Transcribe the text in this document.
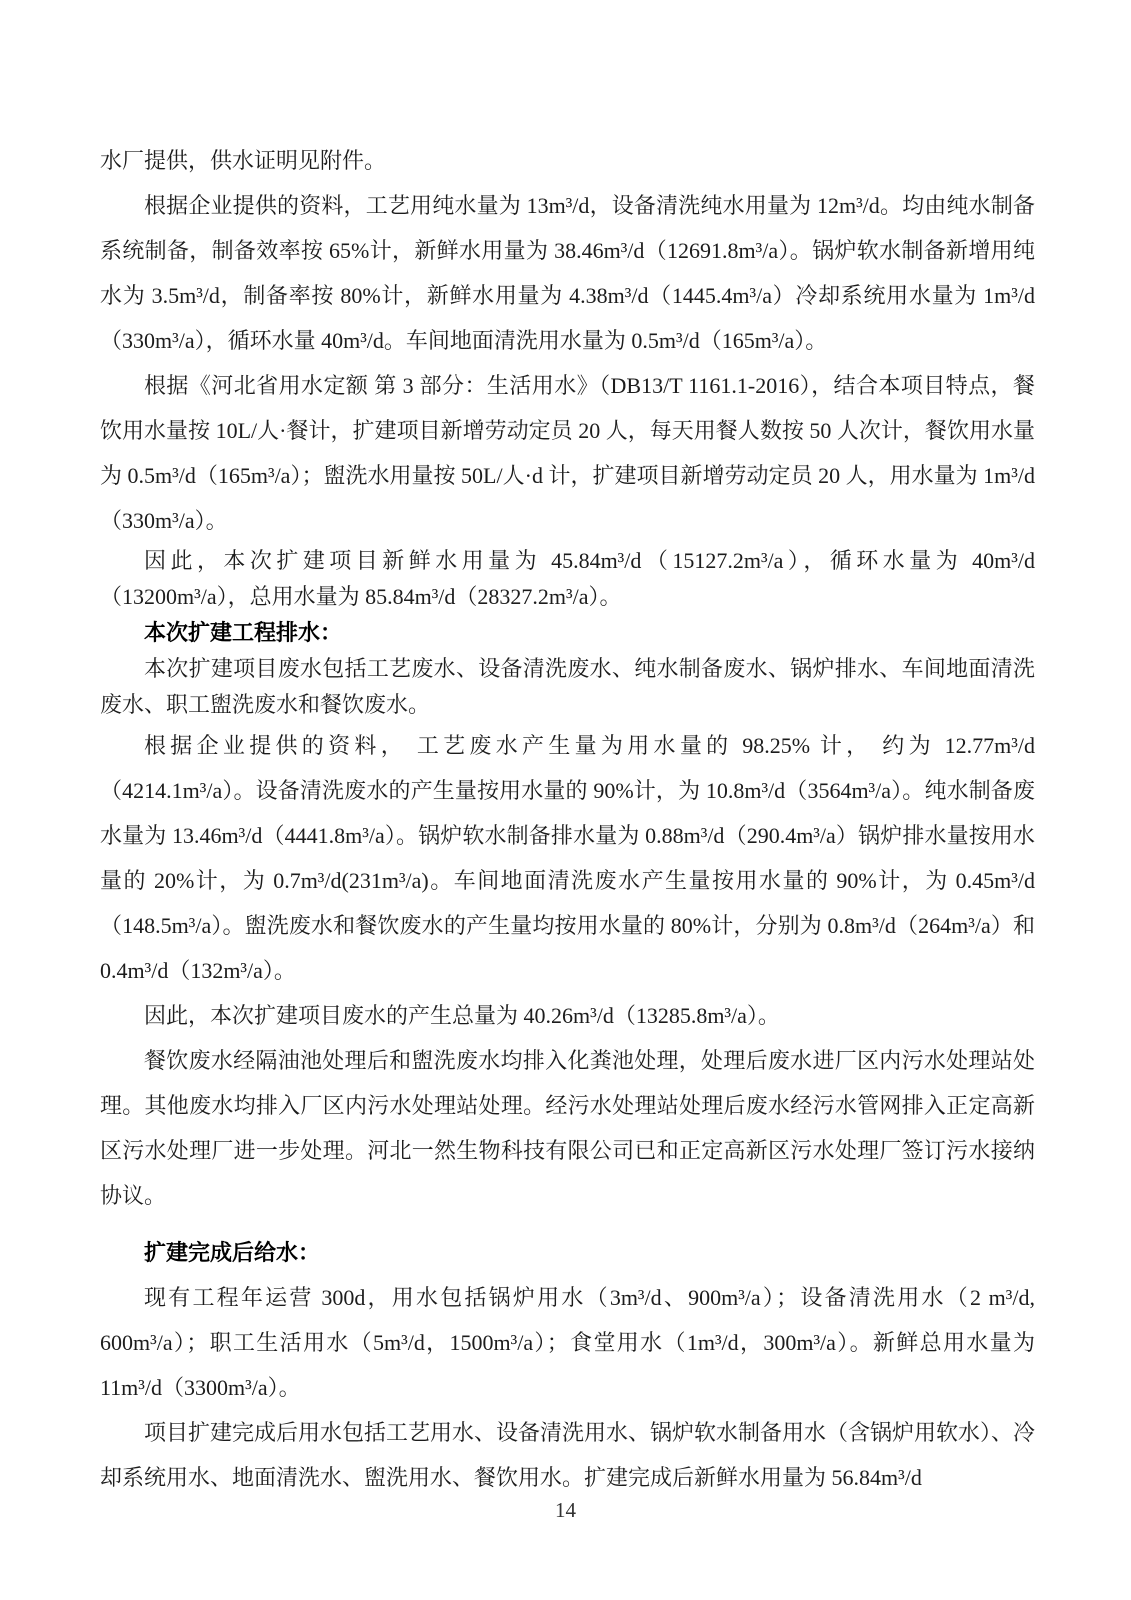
水厂提供，供水证明见附件。

根据企业提供的资料，工艺用纯水量为 13m³/d，设备清洗纯水用量为 12m³/d。均由纯水制备系统制备，制备效率按 65%计，新鲜水用量为 38.46m³/d（12691.8m³/a）。锅炉软水制备新增用纯水为 3.5m³/d，制备率按 80%计，新鲜水用量为 4.38m³/d（1445.4m³/a）冷却系统用水量为 1m³/d（330m³/a），循环水量 40m³/d。车间地面清洗用水量为 0.5m³/d（165m³/a）。

根据《河北省用水定额 第 3 部分：生活用水》（DB13/T 1161.1-2016），结合本项目特点，餐饮用水量按 10L/人·餐计，扩建项目新增劳动定员 20 人，每天用餐人数按 50 人次计，餐饮用水量为 0.5m³/d（165m³/a）；盥洗水用量按 50L/人·d 计，扩建项目新增劳动定员 20 人，用水量为 1m³/d（330m³/a）。

因此，本次扩建项目新鲜水用量为 45.84m³/d（15127.2m³/a），循环水量为 40m³/d（13200m³/a），总用水量为 85.84m³/d（28327.2m³/a）。

本次扩建工程排水：

本次扩建项目废水包括工艺废水、设备清洗废水、纯水制备废水、锅炉排水、车间地面清洗废水、职工盥洗废水和餐饮废水。

根据企业提供的资料， 工艺废水产生量为用水量的 98.25% 计， 约为 12.77m³/d（4214.1m³/a）。设备清洗废水的产生量按用水量的 90%计，为 10.8m³/d（3564m³/a）。纯水制备废水量为 13.46m³/d（4441.8m³/a）。锅炉软水制备排水量为 0.88m³/d（290.4m³/a）锅炉排水量按用水量的 20%计，为 0.7m³/d(231m³/a)。车间地面清洗废水产生量按用水量的 90%计，为 0.45m³/d（148.5m³/a）。盥洗废水和餐饮废水的产生量均按用水量的 80%计，分别为 0.8m³/d（264m³/a）和 0.4m³/d（132m³/a）。

因此，本次扩建项目废水的产生总量为 40.26m³/d（13285.8m³/a）。

餐饮废水经隔油池处理后和盥洗废水均排入化粪池处理，处理后废水进厂区内污水处理站处理。其他废水均排入厂区内污水处理站处理。经污水处理站处理后废水经污水管网排入正定高新区污水处理厂进一步处理。河北一然生物科技有限公司已和正定高新区污水处理厂签订污水接纳协议。

扩建完成后给水：

现有工程年运营 300d，用水包括锅炉用水（3m³/d、900m³/a）；设备清洗用水（2 m³/d, 600m³/a）；职工生活用水（5m³/d，1500m³/a）；食堂用水（1m³/d，300m³/a）。新鲜总用水量为 11m³/d（3300m³/a）。

项目扩建完成后用水包括工艺用水、设备清洗用水、锅炉软水制备用水（含锅炉用软水）、冷却系统用水、地面清洗水、盥洗用水、餐饮用水。扩建完成后新鲜水用量为 56.84m³/d

14
